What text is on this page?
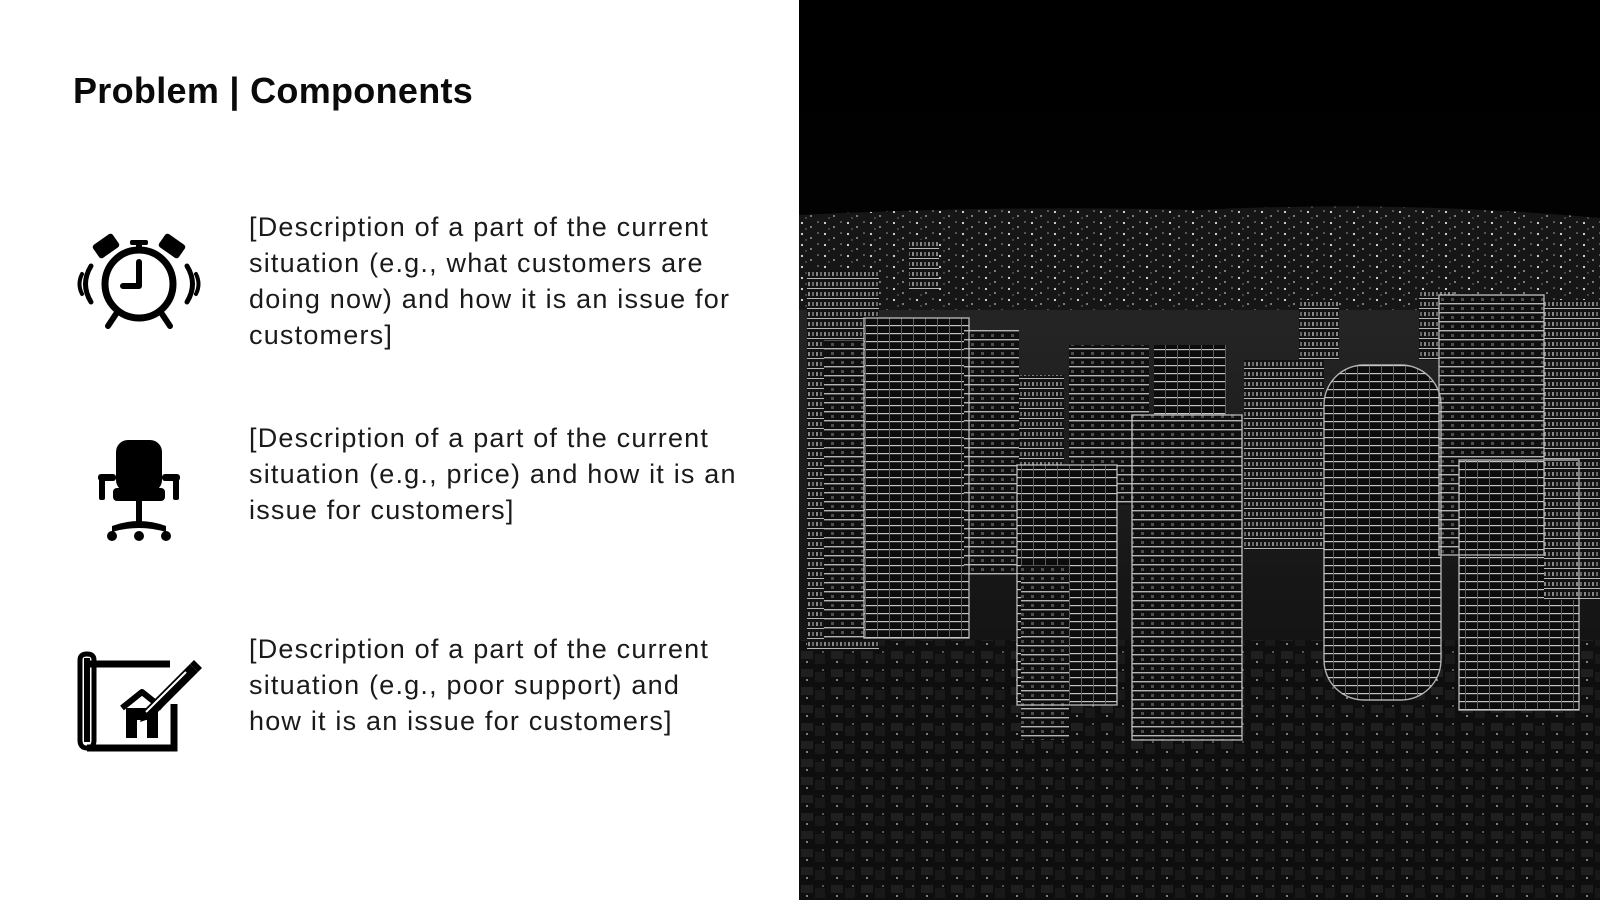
Problem | Components

[Description of a part of the current situation (e.g., what customers are doing now) and how it is an issue for customers]

[Description of a part of the current situation (e.g., price) and how it is an issue for customers]

[Description of a part of the current situation (e.g., poor support) and how it is an issue for customers]
